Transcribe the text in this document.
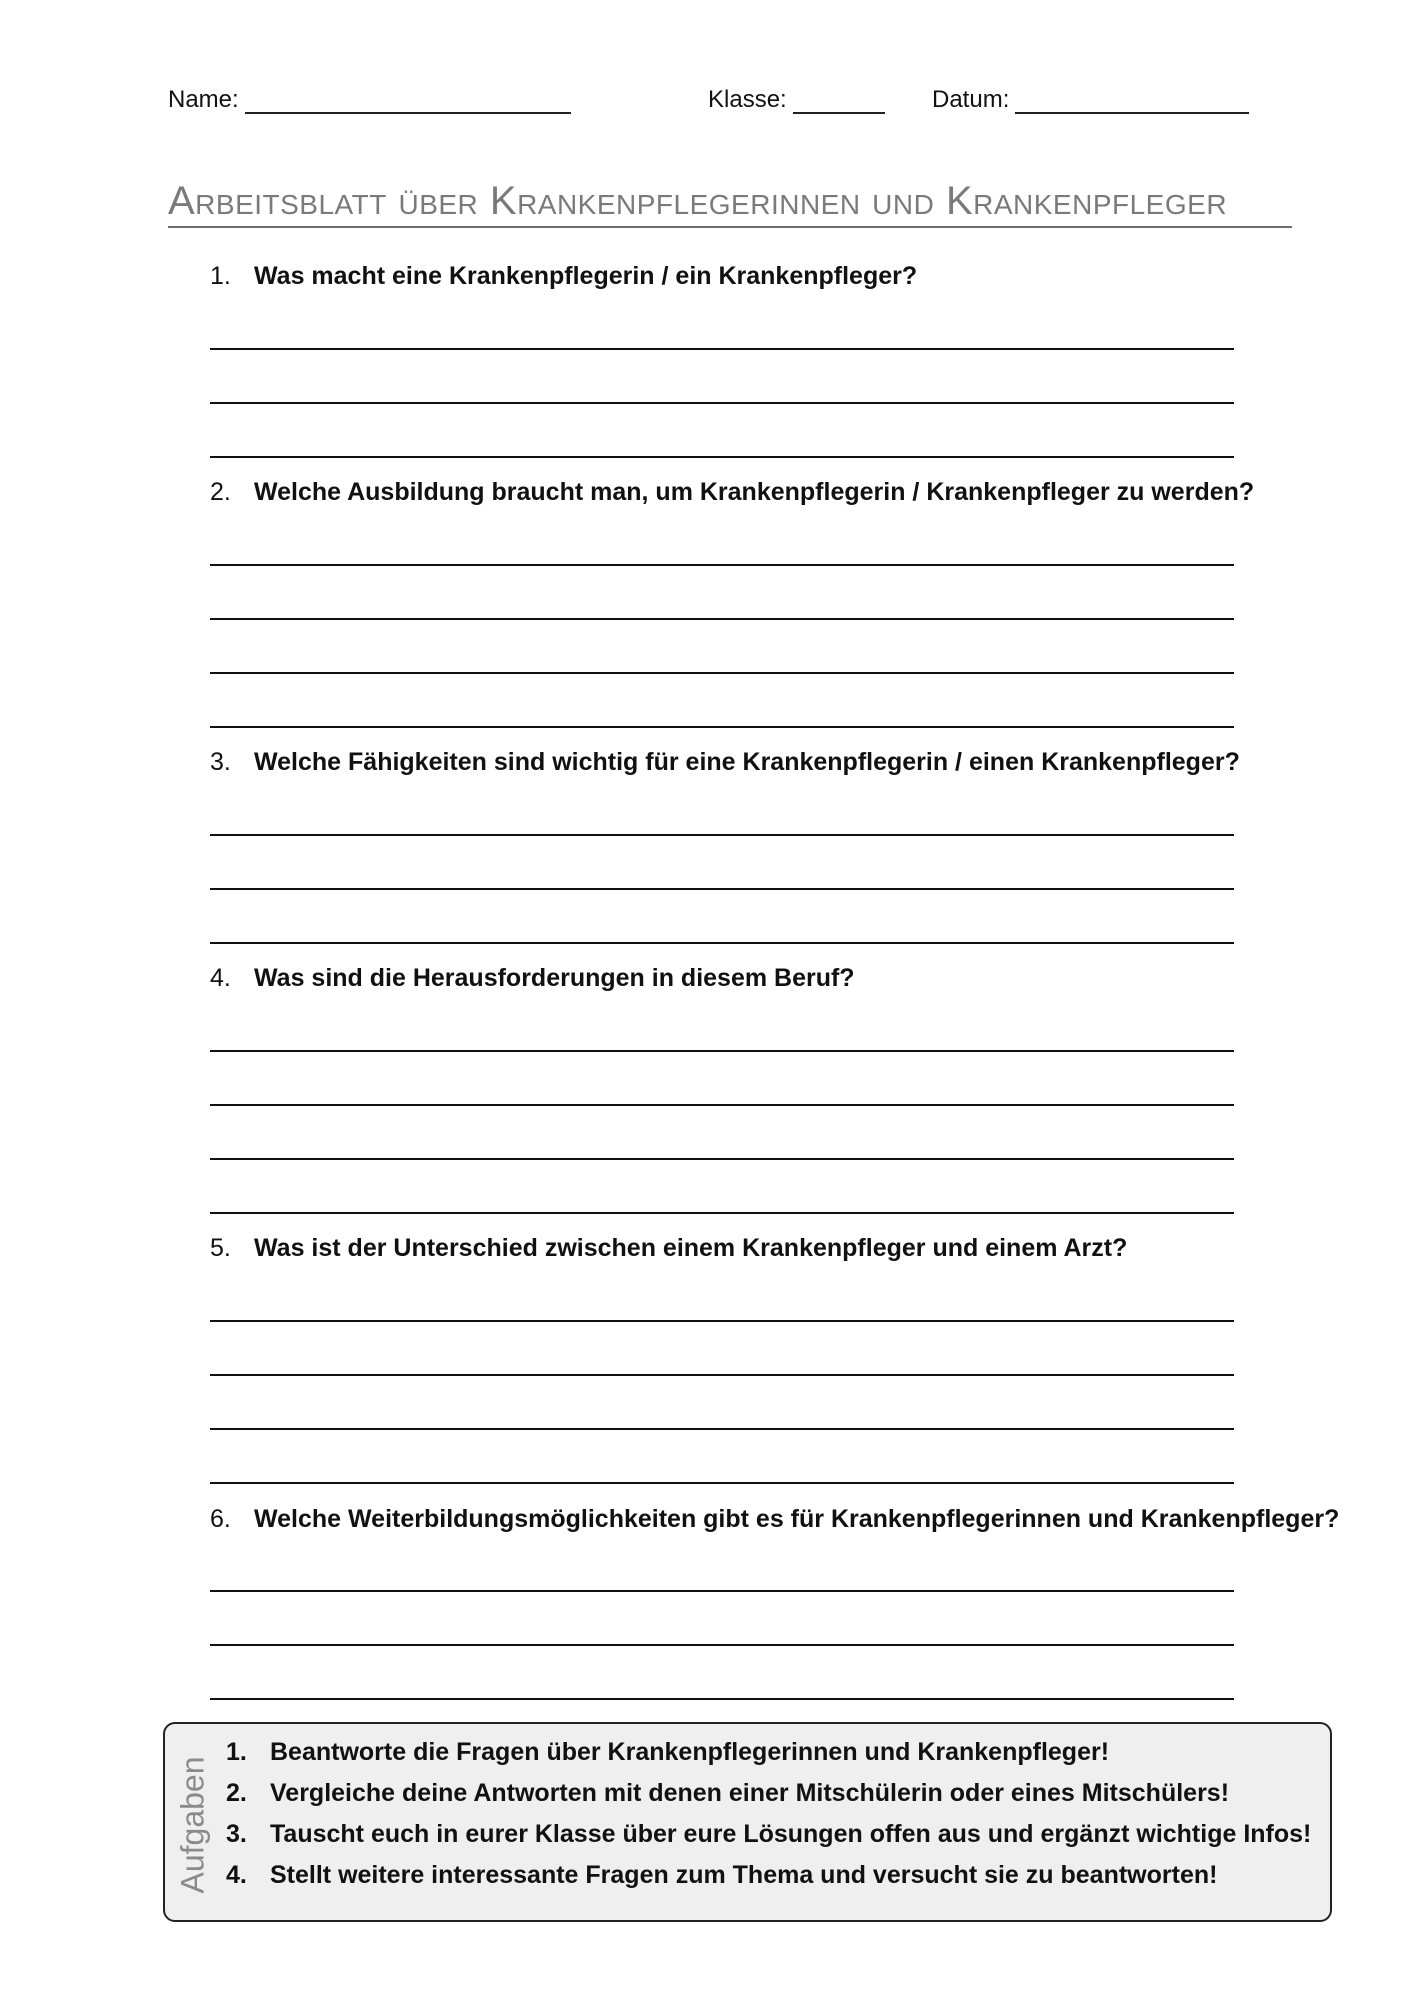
Name:	Klasse:	Datum:
Arbeitsblatt über Krankenpflegerinnen und Krankenpfleger
1. Was macht eine Krankenpflegerin / ein Krankenpfleger?
2. Welche Ausbildung braucht man, um Krankenpflegerin / Krankenpfleger zu werden?
3. Welche Fähigkeiten sind wichtig für eine Krankenpflegerin / einen Krankenpfleger?
4. Was sind die Herausforderungen in diesem Beruf?
5. Was ist der Unterschied zwischen einem Krankenpfleger und einem Arzt?
6. Welche Weiterbildungsmöglichkeiten gibt es für Krankenpflegerinnen und Krankenpfleger?
Aufgaben
1. Beantworte die Fragen über Krankenpflegerinnen und Krankenpfleger!
2. Vergleiche deine Antworten mit denen einer Mitschülerin oder eines Mitschülers!
3. Tauscht euch in eurer Klasse über eure Lösungen offen aus und ergänzt wichtige Infos!
4. Stellt weitere interessante Fragen zum Thema und versucht sie zu beantworten!
